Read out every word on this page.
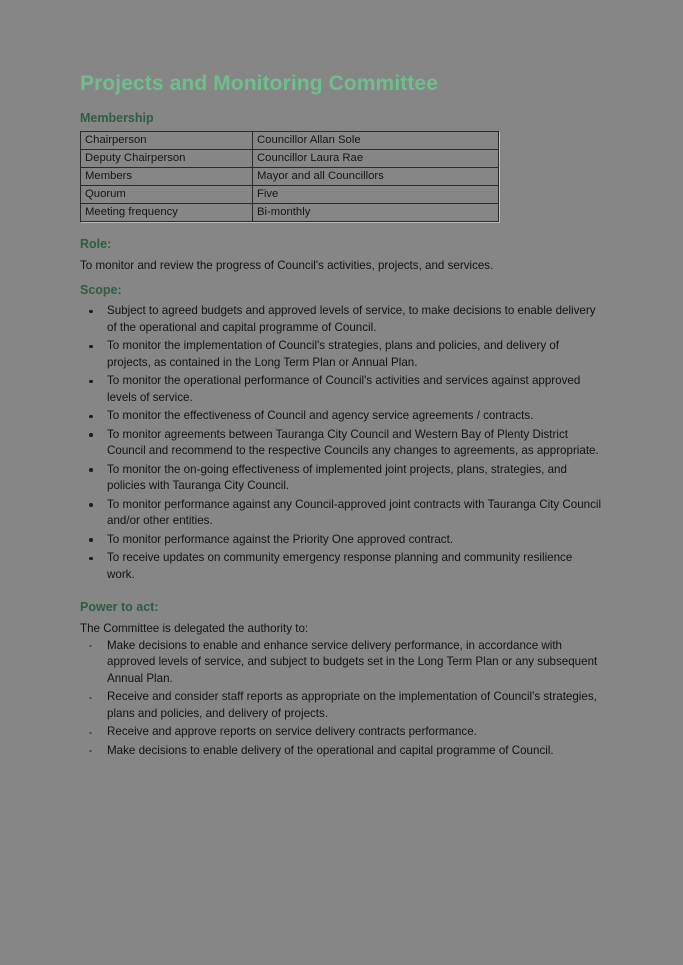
Projects and Monitoring Committee
Membership
Chairperson	Councillor Allan Sole
Deputy Chairperson	Councillor Laura Rae
Members	Mayor and all Councillors
Quorum	Five
Meeting frequency	Bi-monthly
Role:

To monitor and review the progress of Council's activities, projects, and services.

Scope:
Subject to agreed budgets and approved levels of service, to make decisions to enable delivery of the operational and capital programme of Council.
To monitor the implementation of Council's strategies, plans and policies, and delivery of projects, as contained in the Long Term Plan or Annual Plan.
To monitor the operational performance of Council's activities and services against approved levels of service.
To monitor the effectiveness of Council and agency service agreements / contracts.
To monitor agreements between Tauranga City Council and Western Bay of Plenty District Council and recommend to the respective Councils any changes to agreements, as appropriate.
To monitor the on-going effectiveness of implemented joint projects, plans, strategies, and policies with Tauranga City Council.
To monitor performance against any Council-approved joint contracts with Tauranga City Council and/or other entities.
To monitor performance against the Priority One approved contract.
To receive updates on community emergency response planning and community resilience work.
Power to act:

The Committee is delegated the authority to:

Make decisions to enable and enhance service delivery performance, in accordance with approved levels of service, and subject to budgets set in the Long Term Plan or any subsequent Annual Plan.
Receive and consider staff reports as appropriate on the implementation of Council's strategies, plans and policies, and delivery of projects.
Receive and approve reports on service delivery contracts performance.
Make decisions to enable delivery of the operational and capital programme of Council.
